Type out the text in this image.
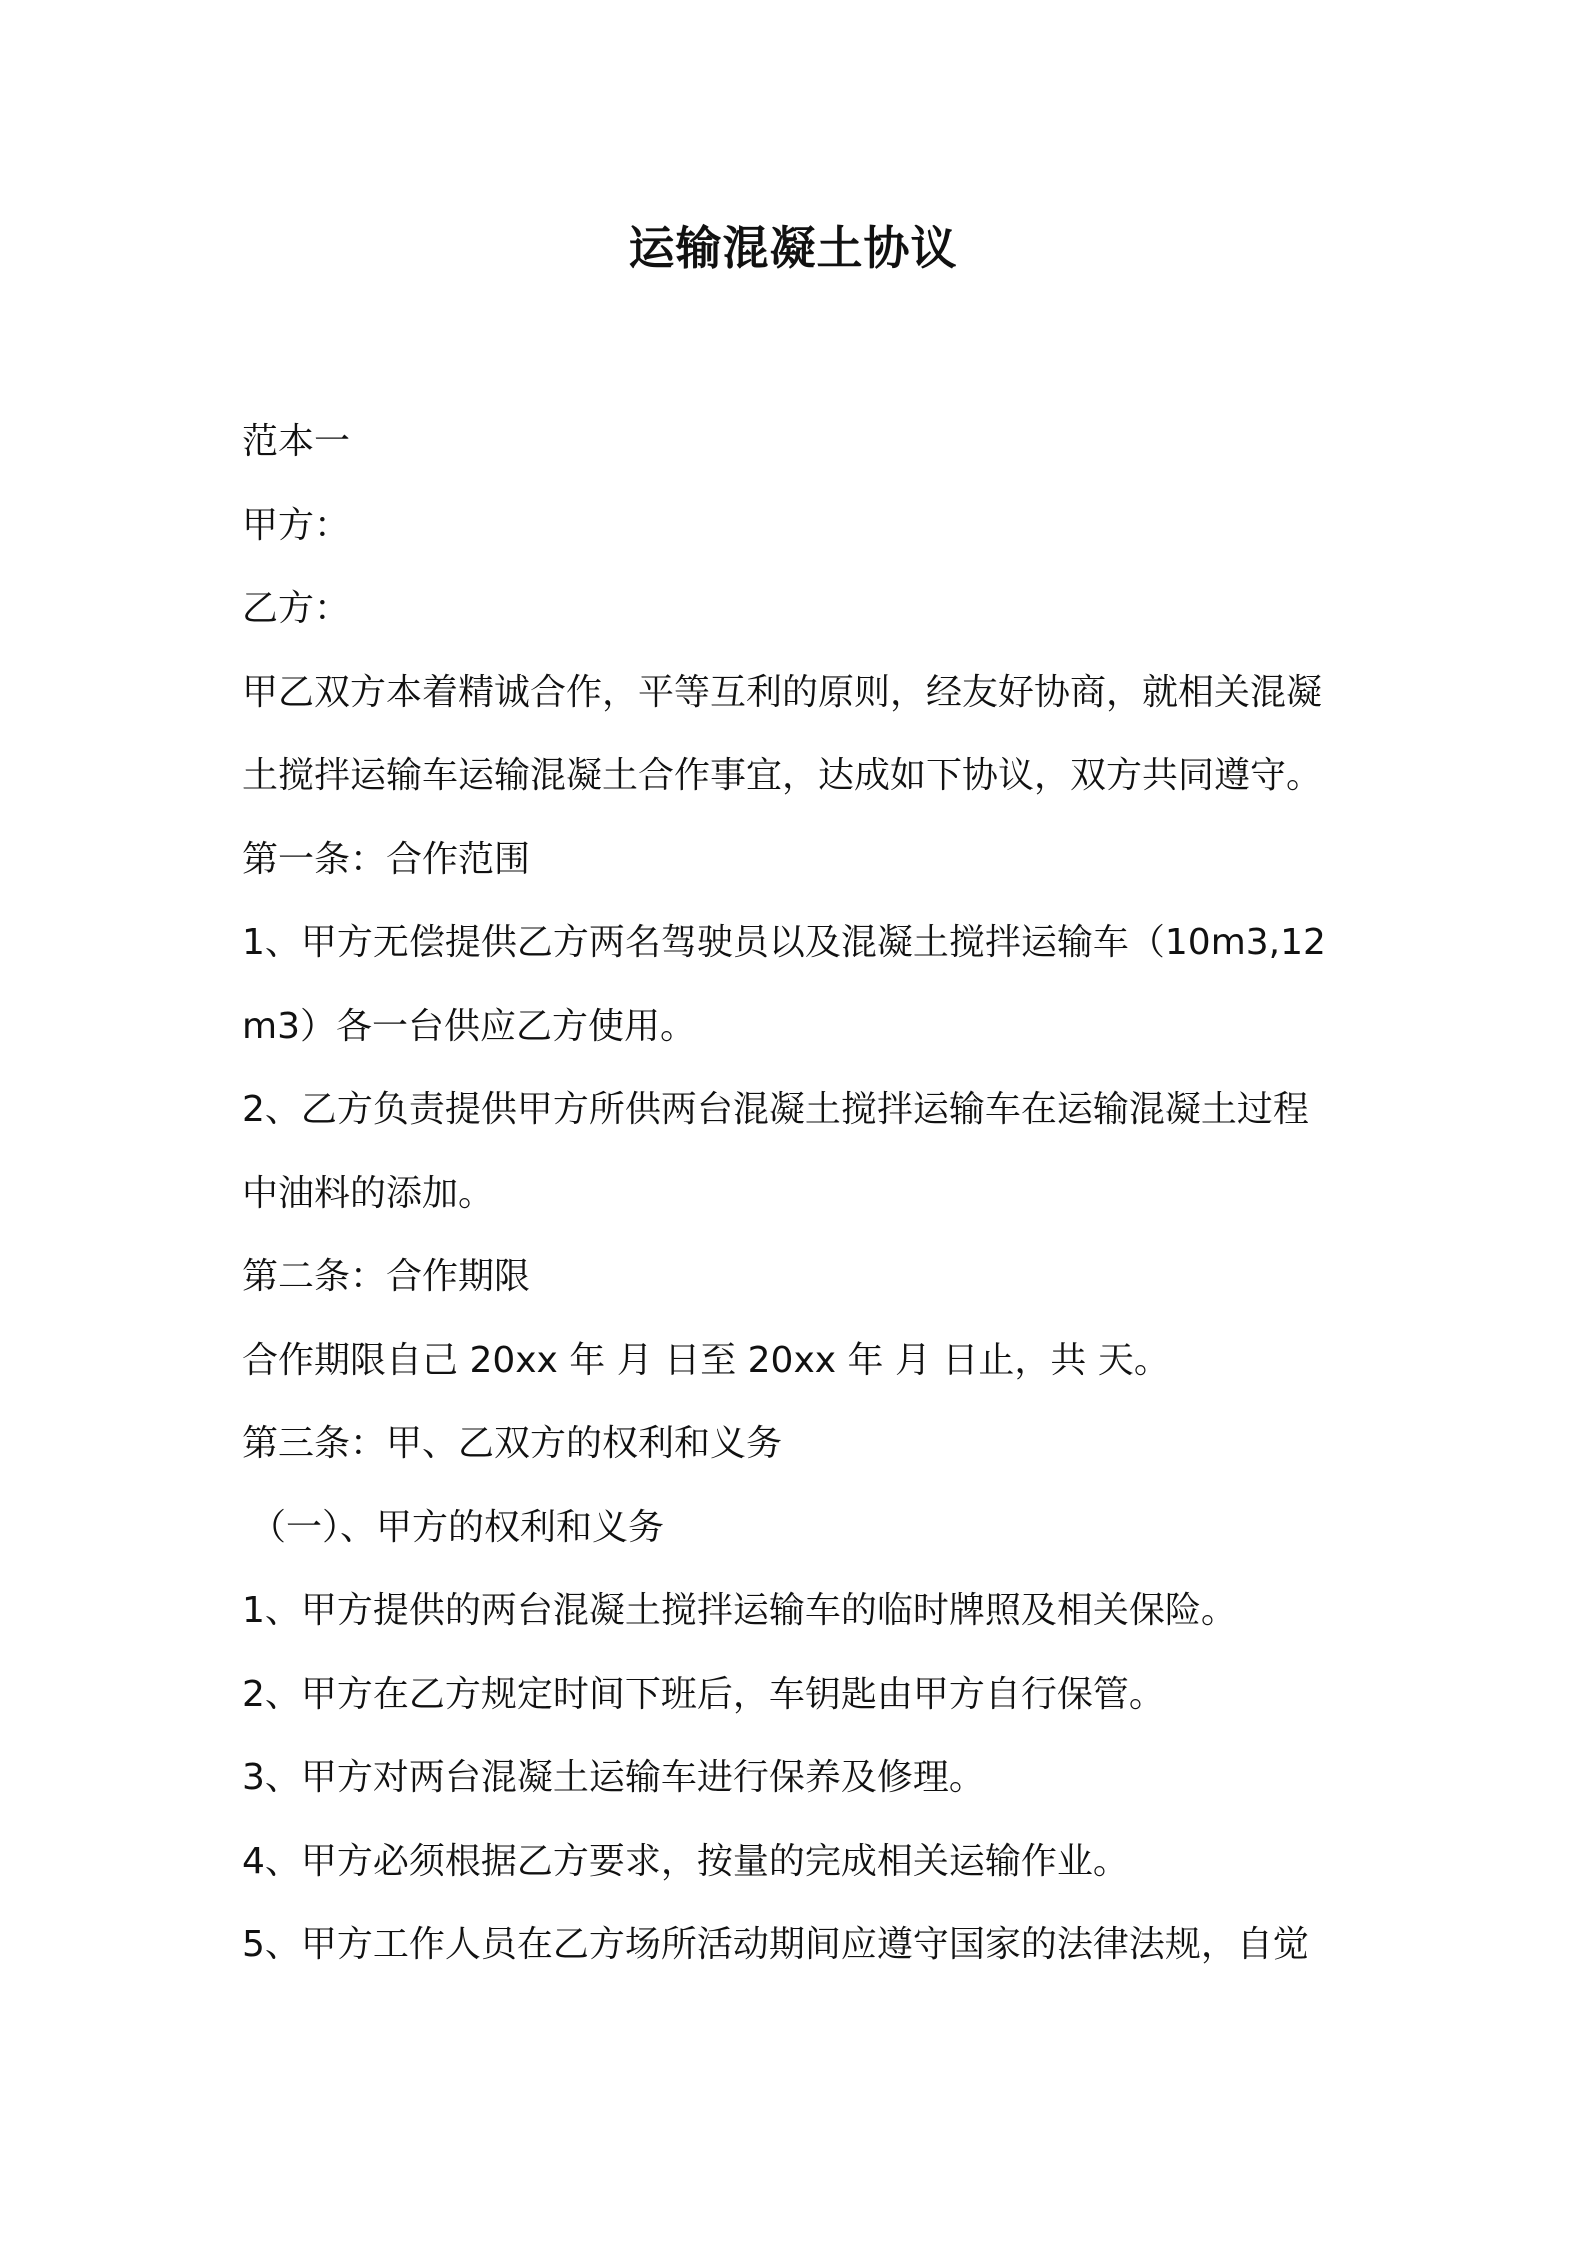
运输混凝土协议
范本一
甲方：
乙方：
甲乙双方本着精诚合作，平等互利的原则，经友好协商，就相关混凝
土搅拌运输车运输混凝土合作事宜，达成如下协议，双方共同遵守。
第一条：合作范围
1、甲方无偿提供乙方两名驾驶员以及混凝土搅拌运输车（10m3,12
m3）各一台供应乙方使用。
2、乙方负责提供甲方所供两台混凝土搅拌运输车在运输混凝土过程
中油料的添加。
第二条：合作期限
合作期限自己 20xx 年 月 日至 20xx 年 月 日止，共 天。
第三条：甲、乙双方的权利和义务
（一）、甲方的权利和义务
1、甲方提供的两台混凝土搅拌运输车的临时牌照及相关保险。
2、甲方在乙方规定时间下班后，车钥匙由甲方自行保管。
3、甲方对两台混凝土运输车进行保养及修理。
4、甲方必须根据乙方要求，按量的完成相关运输作业。
5、甲方工作人员在乙方场所活动期间应遵守国家的法律法规，自觉
